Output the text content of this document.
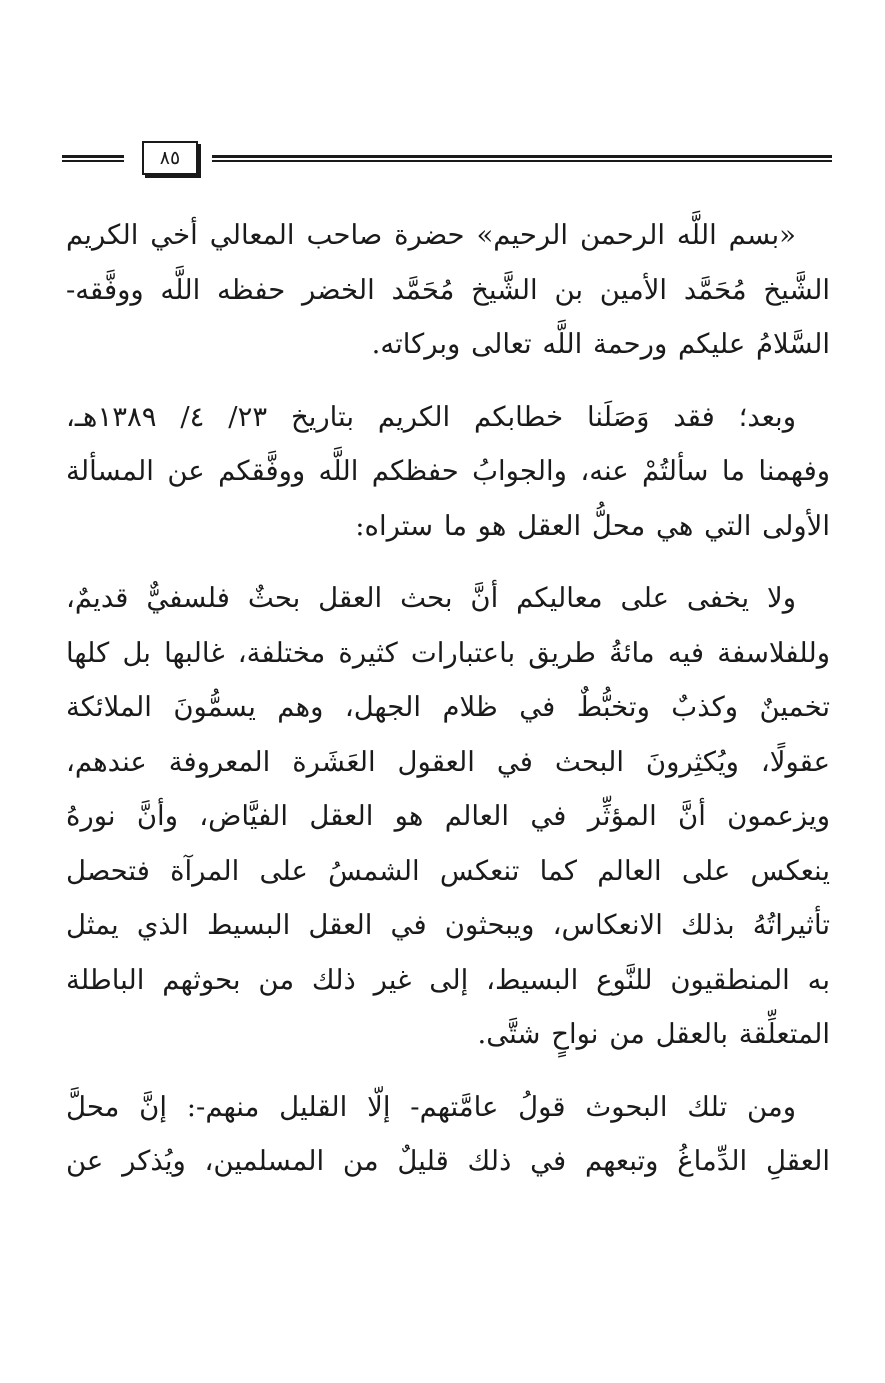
٨٥
«بسم اللَّه الرحمن الرحيم» حضرة صاحب المعالي أخي الكريم
الشَّيخ مُحَمَّد الأمين بن الشَّيخ مُحَمَّد الخضر حفظه اللَّه ووفَّقه-
السَّلامُ عليكم ورحمة اللَّه تعالى وبركاته.
وبعد؛ فقد وَصَلَنا خطابكم الكريم بتاريخ ٢٣/ ٤/ ١٣٨٩هـ،
وفهمنا ما سألتُمْ عنه، والجوابُ حفظكم اللَّه ووفَّقكم عن المسألة
الأولى التي هي محلُّ العقل هو ما ستراه:
ولا يخفى على معاليكم أنَّ بحث العقل بحثٌ فلسفيٌّ قديمٌ،
وللفلاسفة فيه مائةُ طريق باعتبارات كثيرة مختلفة، غالبها بل كلها
تخمينٌ وكذبٌ وتخبُّطٌ في ظلام الجهل، وهم يسمُّونَ الملائكة
عقولًا، ويُكثِرونَ البحث في العقول العَشَرة المعروفة عندهم،
ويزعمون أنَّ المؤثِّر في العالم هو العقل الفيَّاض، وأنَّ نورهُ
ينعكس على العالم كما تنعكس الشمسُ على المرآة فتحصل
تأثيراتُهُ بذلك الانعكاس، ويبحثون في العقل البسيط الذي يمثل
به المنطقيون للنَّوع البسيط، إلى غير ذلك من بحوثهم الباطلة
المتعلِّقة بالعقل من نواحٍ شتَّى.
ومن تلك البحوث قولُ عامَّتهم- إلّا القليل منهم-: إنَّ محلَّ
العقلِ الدِّماغُ وتبعهم في ذلك قليلٌ من المسلمين، ويُذكر عن
